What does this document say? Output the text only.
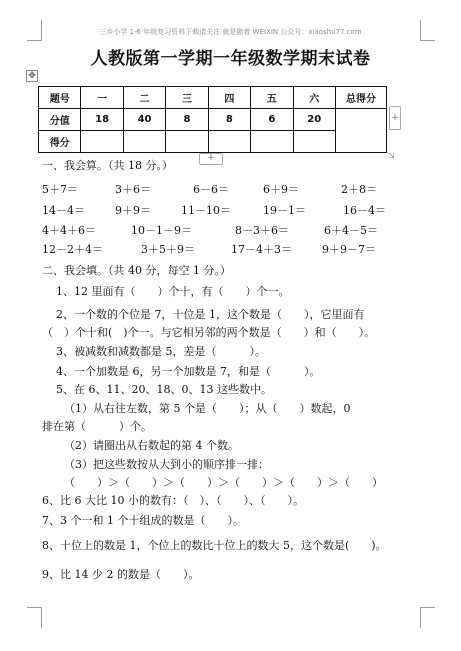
三乡小学 1-6 年级复习资料下载请关注 就是随着 WEIXIN 公众号：xiaoshu77.com
人教版第一学期一年级数学期末试卷
✥
题号	一	二	三	四	五	六	总得分
分值	18	40	8	8	6	20	
得分							
+
+	⇲
一、我会算。（共 18 分。）
5＋7＝	3＋6＝	6－6＝	6＋9＝	2＋8＝
14－4＝	9＋9＝	11－10＝	19－1＝	16－4＝
4＋4＋6＝	10－1－9＝	8－3＋6＝	6＋4－5＝
12－2＋4＝	3＋5＋9＝	17－4＋3＝	9＋9－7＝
二、我会填。（共 40 分，每空 1 分。）
1、12 里面有（　　）个十，有（　　）个一。
2、一个数的个位是 7，十位是 1，这个数是（　　），它里面有
（　）个十和(　)个一。与它相另邻的两个数是（　　）和（　　）。
3、被减数和减数都是 5，差是（　　　）。
4、一个加数是 6，另一个加数是 7，和是（　　　）。
5、在 6、11、20、18、0、13 这些数中。
（1）从右往左数，第 5 个是（　　）；从（　　）数起，0
排在第（　　　）个。
（2）请圈出从右数起的第 4 个数。
（3）把这些数按从大到小的顺序排一排：
（　　）＞（　　）＞（　　）＞（　　）＞（　　）＞（　　）
6、比 6 大比 10 小的数有：（　）、（　　）、（　　）。
7、3 个一和 1 个十组成的数是（　　）。
8、十位上的数是 1，个位上的数比十位上的数大 5，这个数是(　　)。
9、比 14 少 2 的数是（　　）。
